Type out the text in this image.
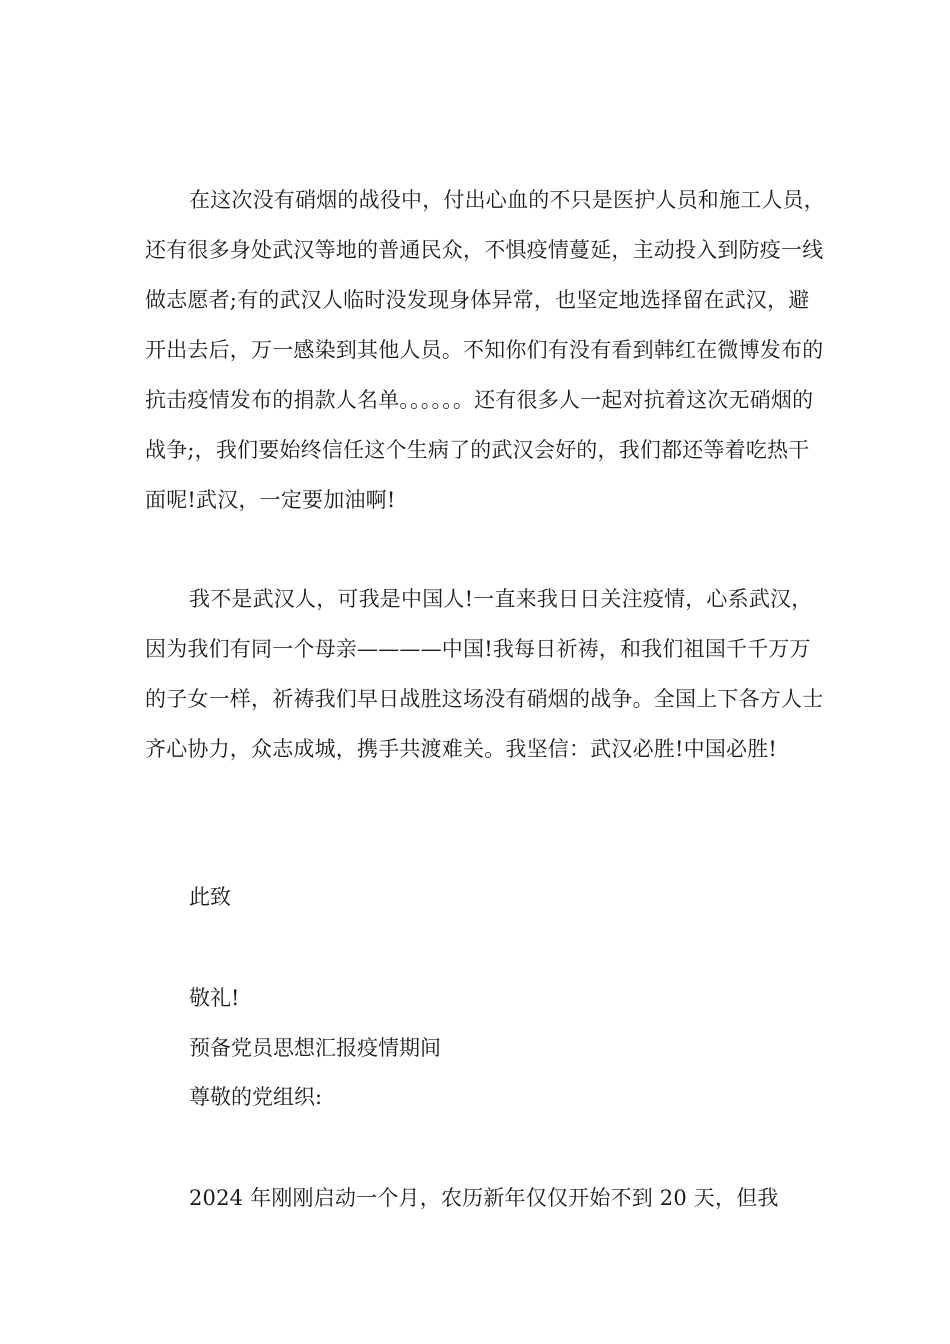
在这次没有硝烟的战役中，付出心血的不只是医护人员和施工人员，还有很多身处武汉等地的普通民众，不惧疫情蔓延，主动投入到防疫一线做志愿者;有的武汉人临时没发现身体异常，也坚定地选择留在武汉，避开出去后，万一感染到其他人员。不知你们有没有看到韩红在微博发布的抗击疫情发布的捐款人名单。。。。。。还有很多人一起对抗着这次无硝烟的战争;，我们要始终信任这个生病了的武汉会好的，我们都还等着吃热干面呢!武汉，一定要加油啊!

我不是武汉人，可我是中国人!一直来我日日关注疫情，心系武汉，因为我们有同一个母亲————中国!我每日祈祷，和我们祖国千千万万的子女一样，祈祷我们早日战胜这场没有硝烟的战争。全国上下各方人士齐心协力，众志成城，携手共渡难关。我坚信：武汉必胜!中国必胜!

此致

敬礼!

预备党员思想汇报疫情期间

尊敬的党组织:

2024 年刚刚启动一个月，农历新年仅仅开始不到 20 天，但我
